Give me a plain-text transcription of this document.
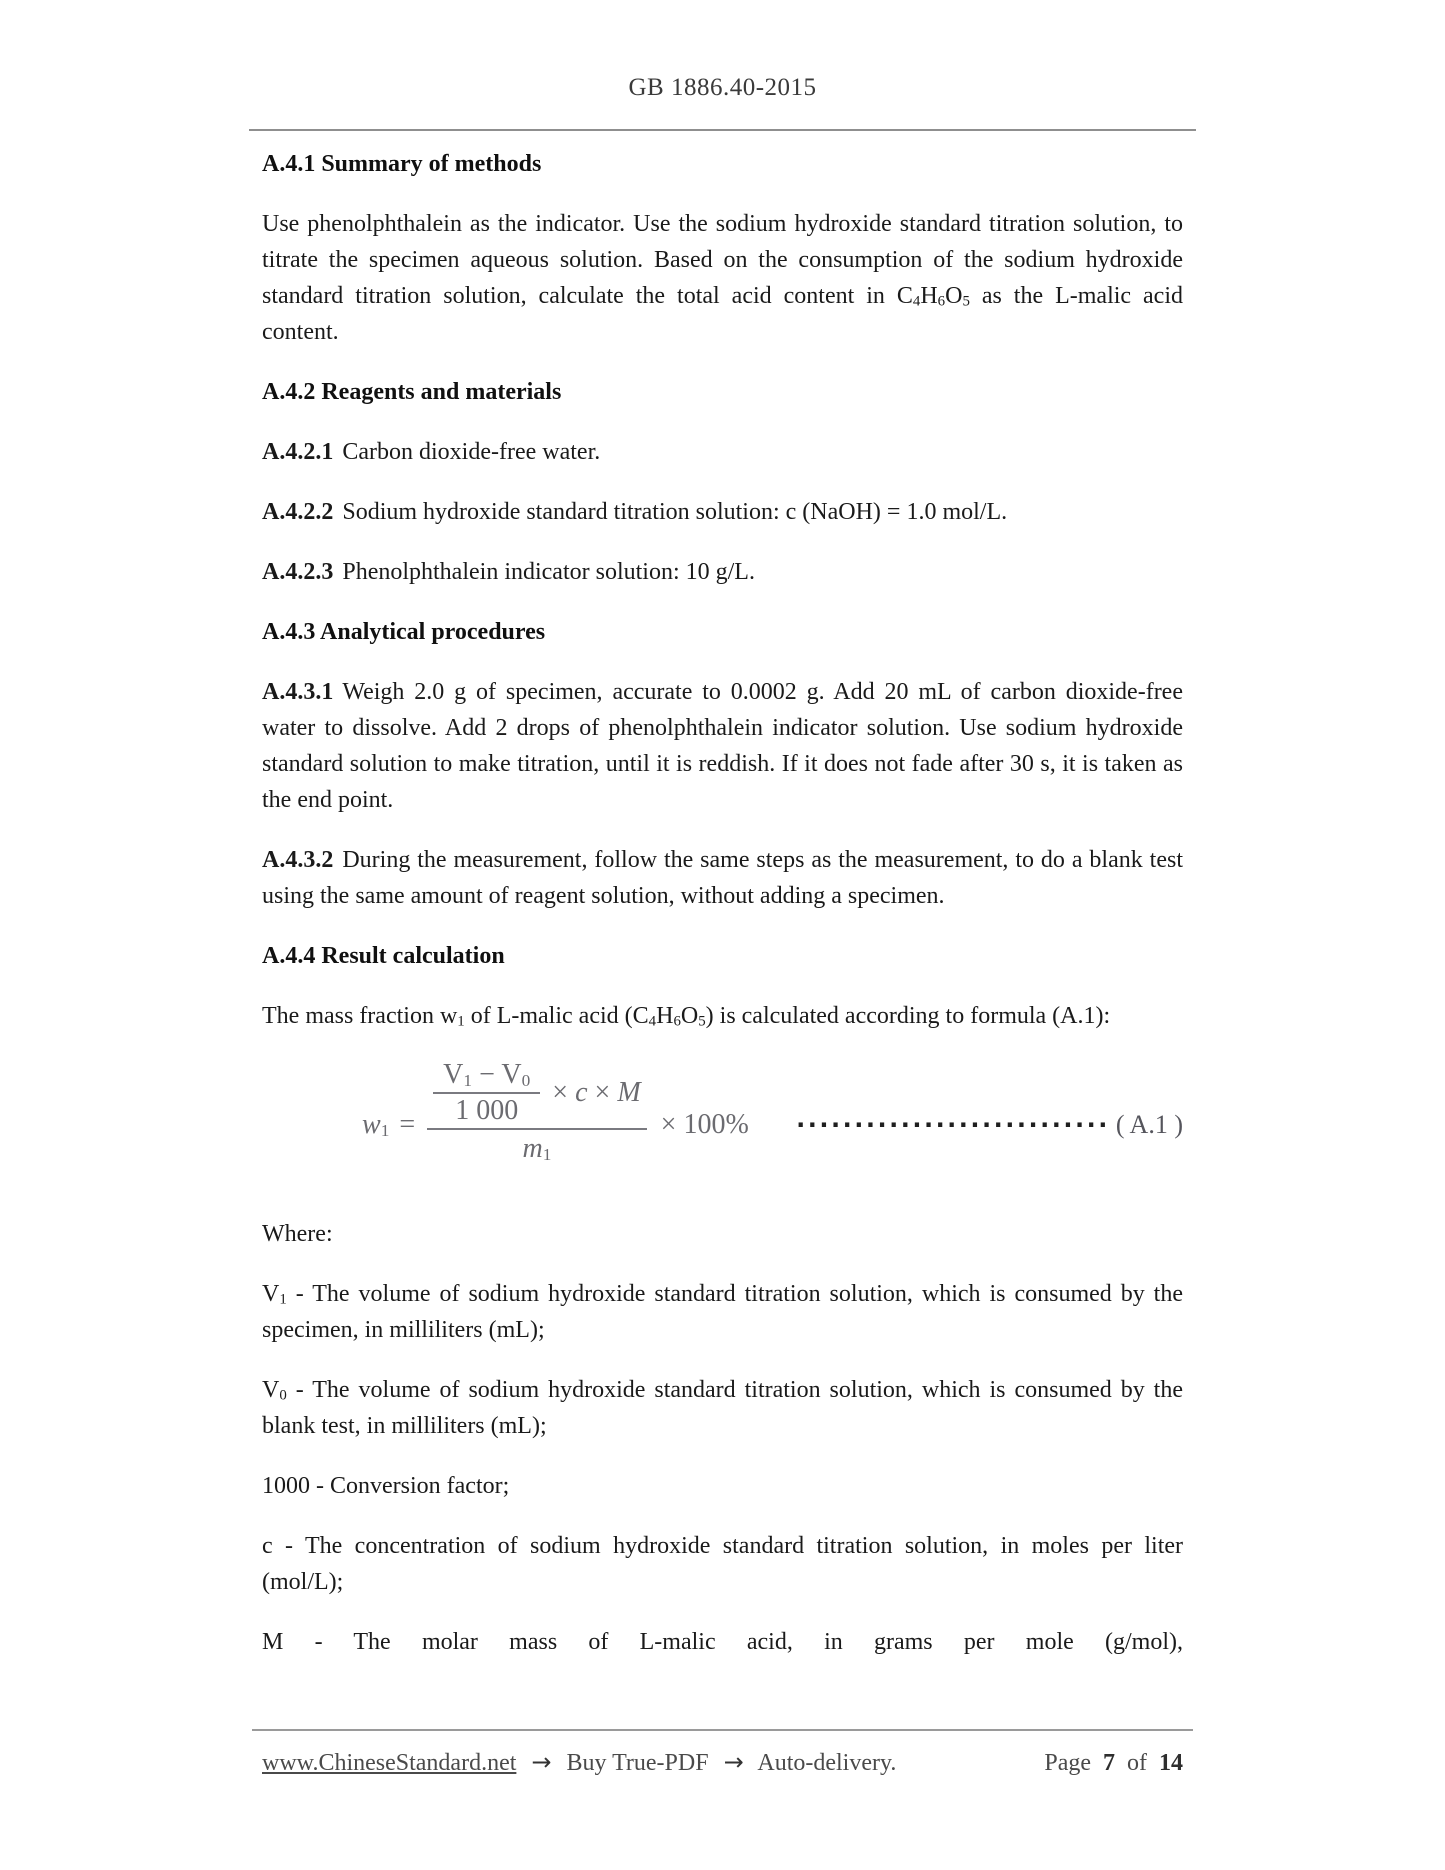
GB 1886.40-2015
A.4.1 Summary of methods

Use phenolphthalein as the indicator. Use the sodium hydroxide standard titration solution, to titrate the specimen aqueous solution. Based on the consumption of the sodium hydroxide standard titration solution, calculate the total acid content in $C_4H_6O_5$ as the L-malic acid content.

A.4.2 Reagents and materials

A.4.2.1 Carbon dioxide-free water.

A.4.2.2 Sodium hydroxide standard titration solution: c (NaOH) = 1.0 mol/L.

A.4.2.3 Phenolphthalein indicator solution: 10 g/L.

A.4.3 Analytical procedures

A.4.3.1 Weigh 2.0 g of specimen, accurate to 0.0002 g. Add 20 mL of carbon dioxide-free water to dissolve. Add 2 drops of phenolphthalein indicator solution. Use sodium hydroxide standard solution to make titration, until it is reddish. If it does not fade after 30 s, it is taken as the end point.

A.4.3.2 During the measurement, follow the same steps as the measurement, to do a blank test using the same amount of reagent solution, without adding a specimen.

A.4.4 Result calculation

The mass fraction $w_1$ of L-malic acid $(C_4H_6O_5)$ is calculated according to formula (A.1):

$w_1 = \frac{V_1 - V_0}{1 000} \times c \times M$
$m_1$
× 100%	··························· ( A.1 )

Where:

$V_1$ - The volume of sodium hydroxide standard titration solution, which is consumed by the specimen, in milliliters (mL);

$V_0$ - The volume of sodium hydroxide standard titration solution, which is consumed by the blank test, in milliliters (mL);

1000 - Conversion factor;

c - The concentration of sodium hydroxide standard titration solution, in moles per liter (mol/L);

M - The molar mass of L-malic acid, in grams per mole (g/mol),

www.ChineseStandard.net → Buy True-PDF → Auto-delivery.	Page 7 of 14
